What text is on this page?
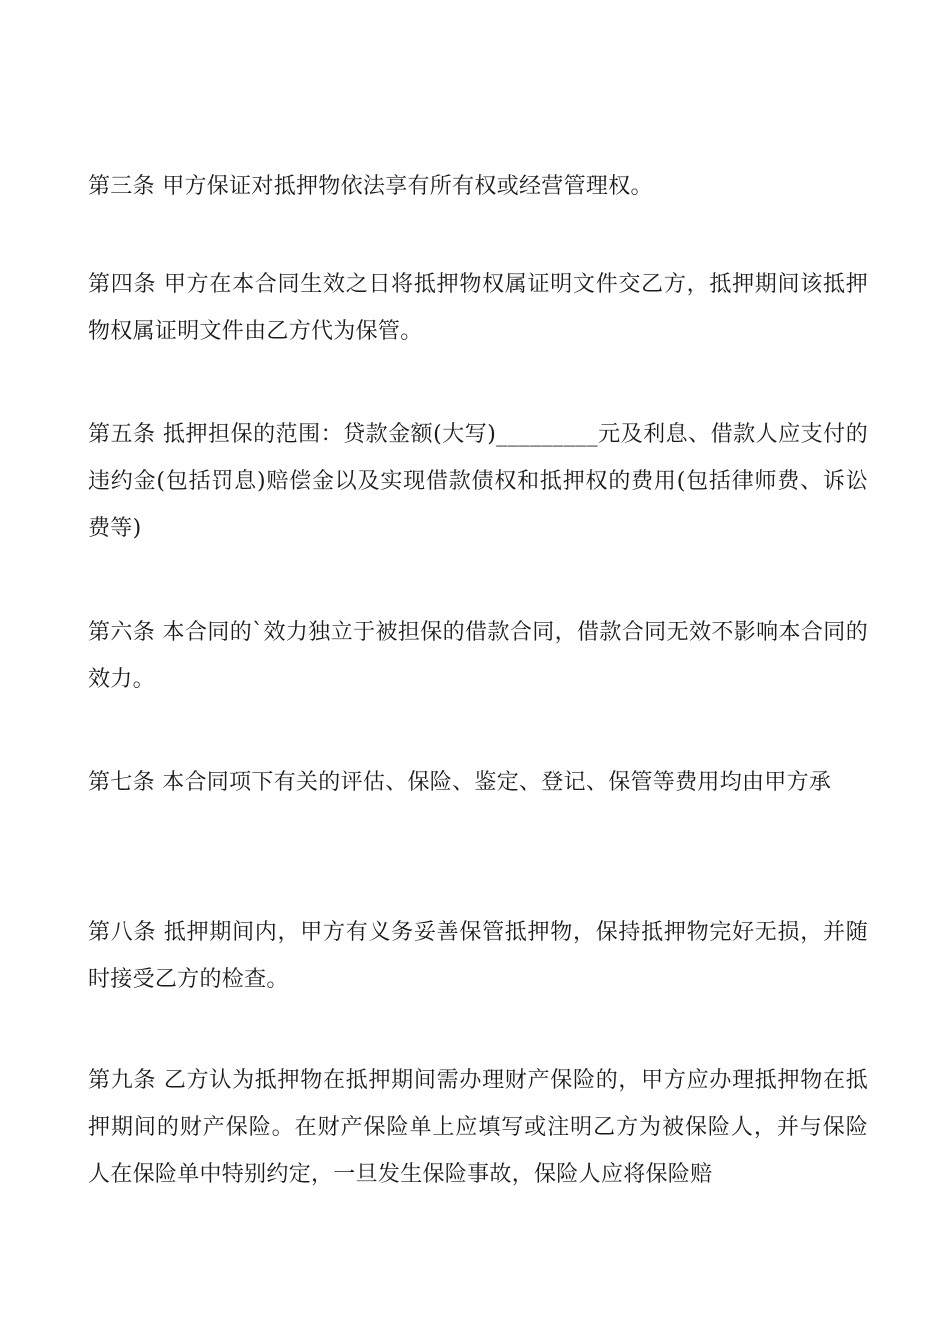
第三条 甲方保证对抵押物依法享有所有权或经营管理权。

第四条 甲方在本合同生效之日将抵押物权属证明文件交乙方，抵押期间该抵押物权属证明文件由乙方代为保管。

第五条 抵押担保的范围：贷款金额(大写)_________元及利息、借款人应支付的违约金(包括罚息)赔偿金以及实现借款债权和抵押权的费用(包括律师费、诉讼费等)

第六条 本合同的`效力独立于被担保的借款合同，借款合同无效不影响本合同的效力。

第七条 本合同项下有关的评估、保险、鉴定、登记、保管等费用均由甲方承

第八条 抵押期间内，甲方有义务妥善保管抵押物，保持抵押物完好无损，并随时接受乙方的检查。

第九条 乙方认为抵押物在抵押期间需办理财产保险的，甲方应办理抵押物在抵押期间的财产保险。在财产保险单上应填写或注明乙方为被保险人，并与保险人在保险单中特别约定，一旦发生保险事故，保险人应将保险赔
